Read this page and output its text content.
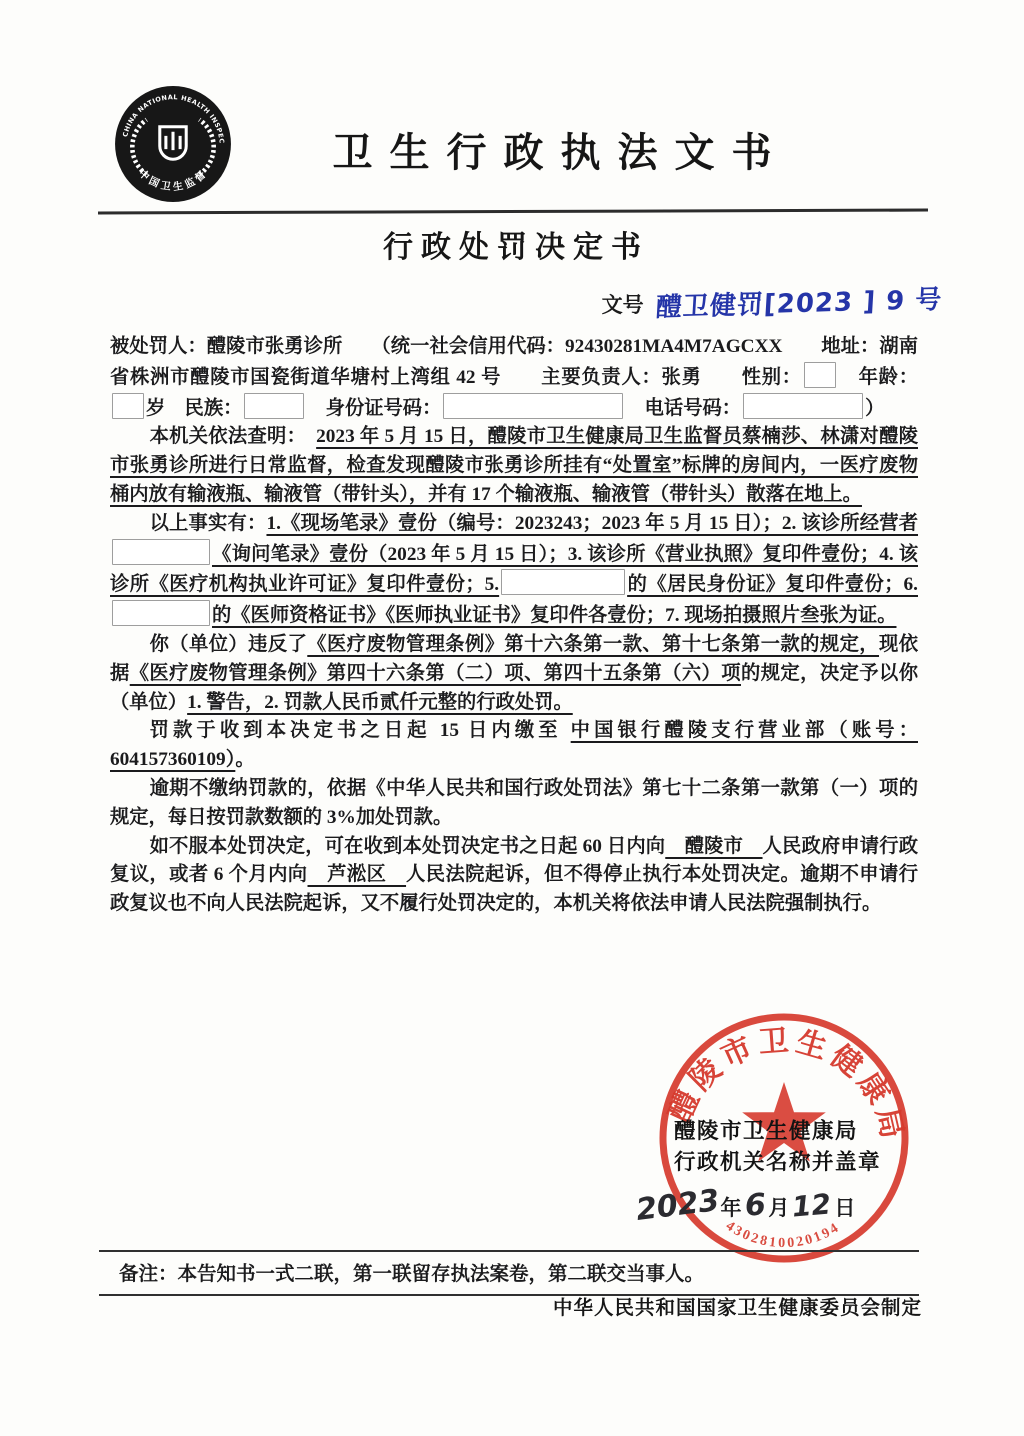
CHINA NATIONAL HEALTH INSPEC
中国卫生监督
卫生行政执法文书
行政处罚决定书
文号 醴卫健罚[2023 ] 9 号

被处罚人：醴陵市张勇诊所　　（统一社会信用代码：92430281MA4M7AGCXX　　地址：湖南省株洲市醴陵市国瓷街道华塘村上湾组 42 号　　主要负责人：张勇　　性别：　年龄：岁　民族：	　身份证号码：	　电话号码：	）

本机关依法查明：　2023 年 5 月 15 日，醴陵市卫生健康局卫生监督员蔡楠莎、林潇对醴陵市张勇诊所进行日常监督，检查发现醴陵市张勇诊所挂有“处置室”标牌的房间内，一医疗废物桶内放有输液瓶、输液管（带针头），并有 17 个输液瓶、输液管（带针头）散落在地上。

以上事实有：1.《现场笔录》壹份（编号：2023243；2023 年 5 月 15 日）；2. 该诊所经营者《询问笔录》壹份（2023 年 5 月 15 日）；3. 该诊所《营业执照》复印件壹份；4. 该诊所《医疗机构执业许可证》复印件壹份；5.	的《居民身份证》复印件壹份；6.的《医师资格证书》《医师执业证书》复印件各壹份；7. 现场拍摄照片叁张为证。

你（单位）违反了《医疗废物管理条例》第十六条第一款、第十七条第一款的规定，现依据《医疗废物管理条例》第四十六条第（二）项、第四十五条第（六）项的规定，决定予以你（单位）1. 警告，2. 罚款人民币贰仟元整的行政处罚。

罚款于收到本决定书之日起 15 日内缴至 中国银行醴陵支行营业部（账号：604157360109）。

逾期不缴纳罚款的，依据《中华人民共和国行政处罚法》第七十二条第一款第（一）项的规定，每日按罚款数额的 3%加处罚款。

如不服本处罚决定，可在收到本处罚决定书之日起 60 日内向　醴陵市　人民政府申请行政复议，或者 6 个月内向　芦淞区　人民法院起诉，但不得停止执行本处罚决定。逾期不申请行政复议也不向人民法院起诉，又不履行处罚决定的，本机关将依法申请人民法院强制执行。

醴陵市卫生健康局
4302810020194
醴陵市卫生健康局
行政机关名称并盖章
2023年6月12日
备注：本告知书一式二联，第一联留存执法案卷，第二联交当事人。
中华人民共和国国家卫生健康委员会制定
